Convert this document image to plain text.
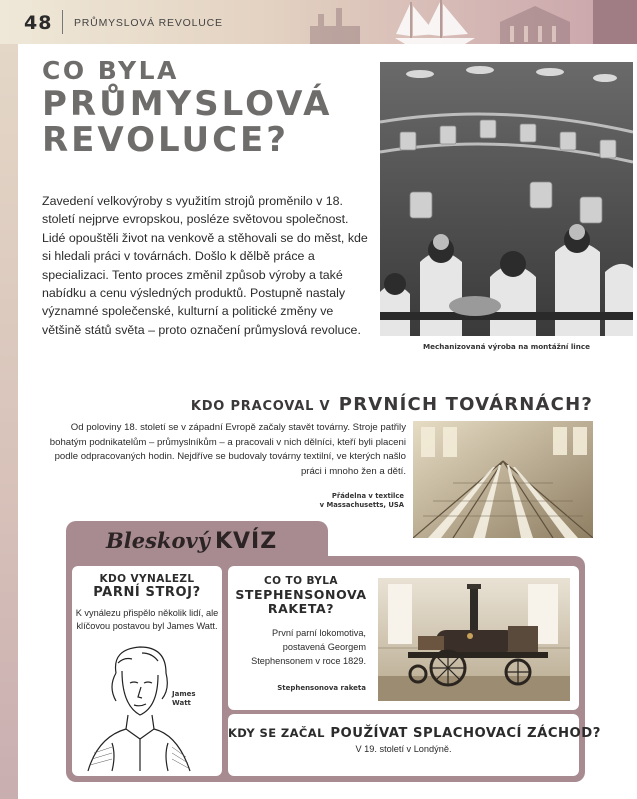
48 PRŮMYSLOVÁ REVOLUCE
CO BYLA
PRŮMYSLOVÁ
REVOLUCE?

Zavedení velkovýroby s využitím strojů proměnilo v 18. století nejprve evropskou, posléze světovou společnost. Lidé opouštěli život na venkově a stěhovali se do měst, kde si hledali práci v továrnách. Došlo k dělbě práce a specializaci. Tento proces změnil způsob výroby a také nabídku a cenu výsledných produktů. Postupně nastaly významné společenské, kulturní a politické změny ve většině států světa – proto označení průmyslová revoluce.

Mechanizovaná výroba na montážní lince

KDO PRACOVAL V PRVNÍCH TOVÁRNÁCH?

Od poloviny 18. století se v západní Evropě začaly stavět továrny. Stroje patřily bohatým podnikatelům – průmyslníkům – a pracovali v nich dělníci, kteří byli placeni podle odpracovaných hodin. Nejdříve se budovaly továrny textilní, ve kterých našlo práci i mnoho žen a dětí.

Přádelna v textilce
v Massachusetts, USA

Bleskový KVÍZ
KDO VYNALEZL
PARNÍ STROJ?

K vynálezu přispělo několik lidí, ale klíčovou postavou byl James Watt.

James
Watt

CO TO BYLA
STEPHENSONOVA
RAKETA?

První parní lokomotiva, postavená Georgem Stephensonem v roce 1829.

Stephensonova raketa

KDY SE ZAČAL POUŽÍVAT SPLACHOVACÍ ZÁCHOD?

V 19. století v Londýně.
